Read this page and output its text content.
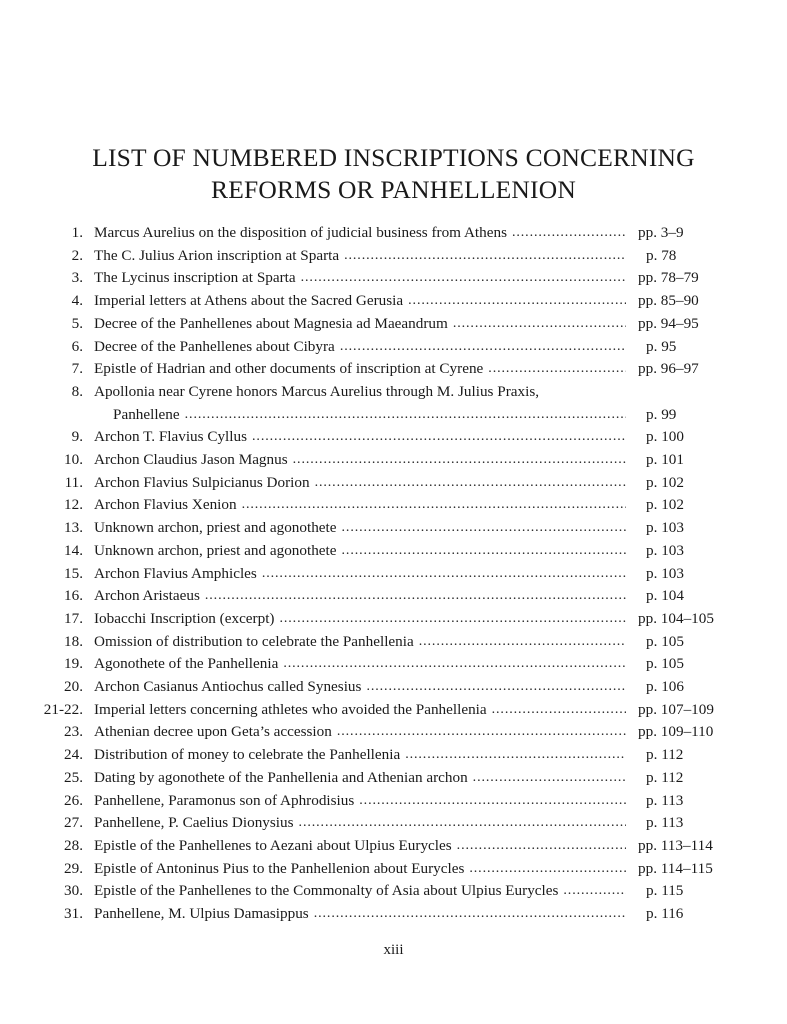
LIST OF NUMBERED INSCRIPTIONS CONCERNING
REFORMS OR PANHELLENION
1. Marcus Aurelius on the disposition of judicial business from Athens . . .	pp. 3–9
2. The C. Julius Arion inscription at Sparta . . .	p. 78
3. The Lycinus inscription at Sparta . . .	pp. 78–79
4. Imperial letters at Athens about the Sacred Gerusia . . .	pp. 85–90
5. Decree of the Panhellenes about Magnesia ad Maeandrum . . .	pp. 94–95
6. Decree of the Panhellenes about Cibyra . . .	p. 95
7. Epistle of Hadrian and other documents of inscription at Cyrene . . .	pp. 96–97
8. Apollonia near Cyrene honors Marcus Aurelius through M. Julius Praxis,
Panhellene . . .	p. 99
9. Archon T. Flavius Cyllus . . .	p. 100
10. Archon Claudius Jason Magnus . . .	p. 101
11. Archon Flavius Sulpicianus Dorion . . .	p. 102
12. Archon Flavius Xenion . . .	p. 102
13. Unknown archon, priest and agonothete . . .	p. 103
14. Unknown archon, priest and agonothete . . .	p. 103
15. Archon Flavius Amphicles . . .	p. 103
16. Archon Aristaeus . . .	p. 104
17. Iobacchi Inscription (excerpt) . . .	pp. 104–105
18. Omission of distribution to celebrate the Panhellenia . . .	p. 105
19. Agonothete of the Panhellenia . . .	p. 105
20. Archon Casianus Antiochus called Synesius . . .	p. 106
21-22. Imperial letters concerning athletes who avoided the Panhellenia . . .	pp. 107–109
23. Athenian decree upon Geta’s accession . . .	pp. 109–110
24. Distribution of money to celebrate the Panhellenia . . .	p. 112
25. Dating by agonothete of the Panhellenia and Athenian archon . . .	p. 112
26. Panhellene, Paramonus son of Aphrodisius . . .	p. 113
27. Panhellene, P. Caelius Dionysius . . .	p. 113
28. Epistle of the Panhellenes to Aezani about Ulpius Eurycles . . .	pp. 113–114
29. Epistle of Antoninus Pius to the Panhellenion about Eurycles . . .	pp. 114–115
30. Epistle of the Panhellenes to the Commonalty of Asia about Ulpius Eurycles . . .	p. 115
31. Panhellene, M. Ulpius Damasippus . . .	p. 116
xiii
